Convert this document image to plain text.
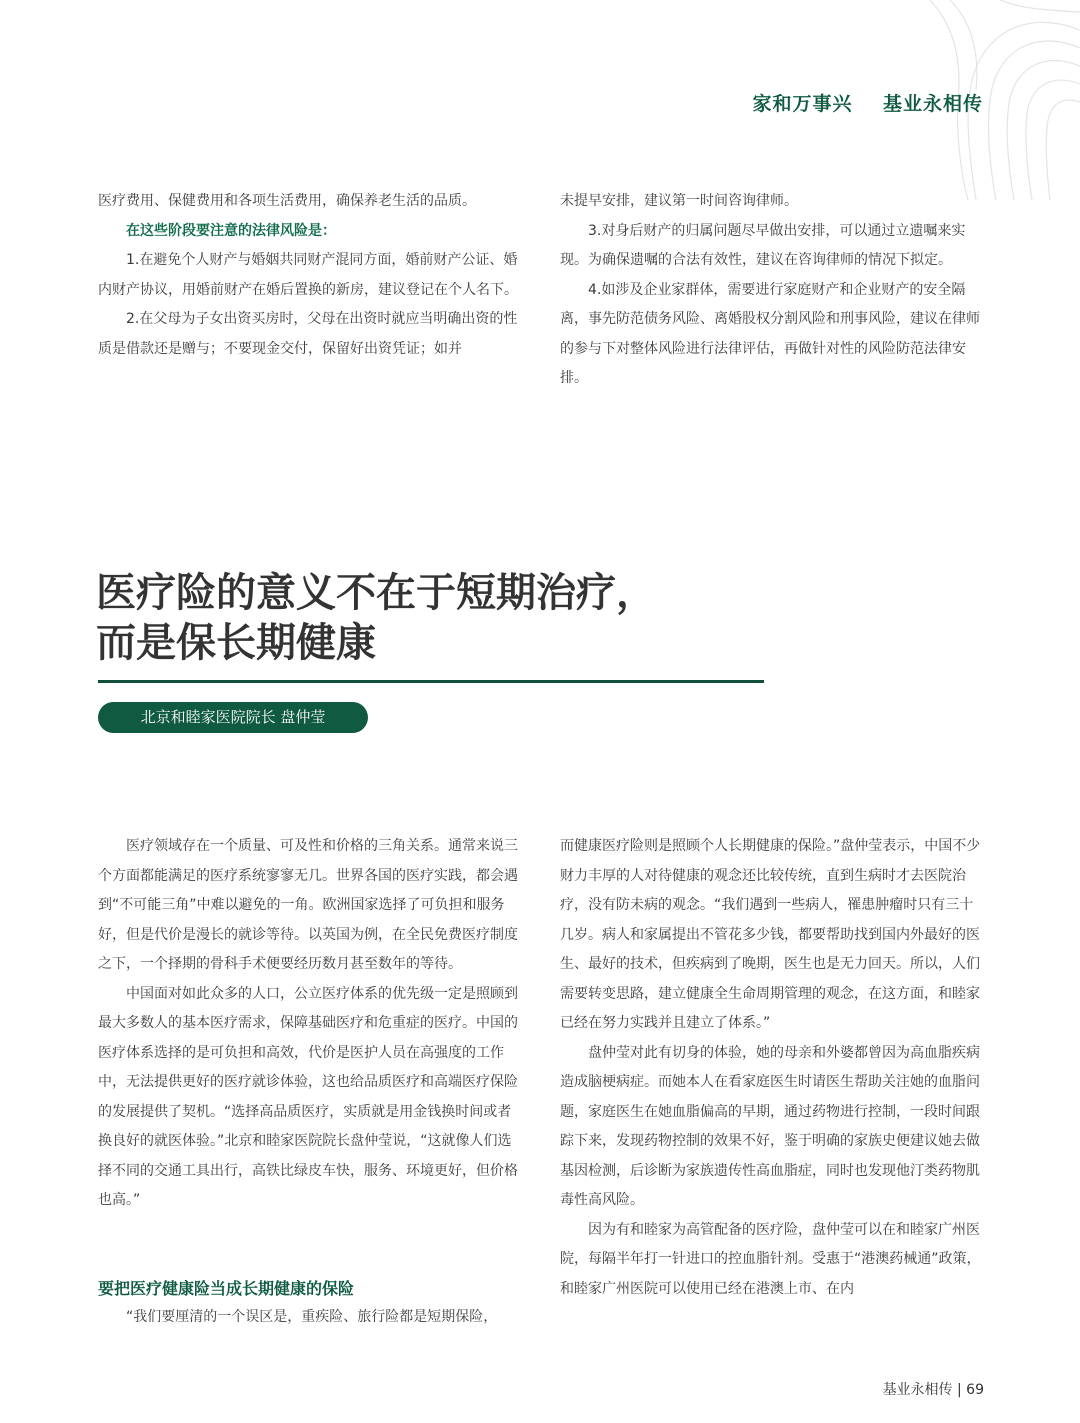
家和万事兴    基业永相传

医疗费用、保健费用和各项生活费用，确保养老生活的品质。

在这些阶段要注意的法律风险是：

1.在避免个人财产与婚姻共同财产混同方面，婚前财产公证、婚内财产协议，用婚前财产在婚后置换的新房，建议登记在个人名下。

2.在父母为子女出资买房时，父母在出资时就应当明确出资的性质是借款还是赠与；不要现金交付，保留好出资凭证；如并

未提早安排，建议第一时间咨询律师。

3.对身后财产的归属问题尽早做出安排，可以通过立遗嘱来实现。为确保遗嘱的合法有效性，建议在咨询律师的情况下拟定。

4.如涉及企业家群体，需要进行家庭财产和企业财产的安全隔离，事先防范债务风险、离婚股权分割风险和刑事风险，建议在律师的参与下对整体风险进行法律评估，再做针对性的风险防范法律安排。

医疗险的意义不在于短期治疗，
而是保长期健康
北京和睦家医院院长 盘仲莹

医疗领域存在一个质量、可及性和价格的三角关系。通常来说三个方面都能满足的医疗系统寥寥无几。世界各国的医疗实践，都会遇到“不可能三角”中难以避免的一角。欧洲国家选择了可负担和服务好，但是代价是漫长的就诊等待。以英国为例，在全民免费医疗制度之下，一个择期的骨科手术便要经历数月甚至数年的等待。

中国面对如此众多的人口，公立医疗体系的优先级一定是照顾到最大多数人的基本医疗需求，保障基础医疗和危重症的医疗。中国的医疗体系选择的是可负担和高效，代价是医护人员在高强度的工作中，无法提供更好的医疗就诊体验，这也给品质医疗和高端医疗保险的发展提供了契机。“选择高品质医疗，实质就是用金钱换时间或者换良好的就医体验。”北京和睦家医院院长盘仲莹说，“这就像人们选择不同的交通工具出行，高铁比绿皮车快，服务、环境更好，但价格也高。”

要把医疗健康险当成长期健康的保险

“我们要厘清的一个误区是，重疾险、旅行险都是短期保险，

而健康医疗险则是照顾个人长期健康的保险。”盘仲莹表示，中国不少财力丰厚的人对待健康的观念还比较传统，直到生病时才去医院治疗，没有防未病的观念。“我们遇到一些病人，罹患肿瘤时只有三十几岁。病人和家属提出不管花多少钱，都要帮助找到国内外最好的医生、最好的技术，但疾病到了晚期，医生也是无力回天。所以，人们需要转变思路，建立健康全生命周期管理的观念，在这方面，和睦家已经在努力实践并且建立了体系。”

盘仲莹对此有切身的体验，她的母亲和外婆都曾因为高血脂疾病造成脑梗病症。而她本人在看家庭医生时请医生帮助关注她的血脂问题，家庭医生在她血脂偏高的早期，通过药物进行控制，一段时间跟踪下来，发现药物控制的效果不好，鉴于明确的家族史便建议她去做基因检测，后诊断为家族遗传性高血脂症，同时也发现他汀类药物肌毒性高风险。

因为有和睦家为高管配备的医疗险，盘仲莹可以在和睦家广州医院，每隔半年打一针进口的控血脂针剂。受惠于“港澳药械通”政策，和睦家广州医院可以使用已经在港澳上市、在内

基业永相传 | 69
